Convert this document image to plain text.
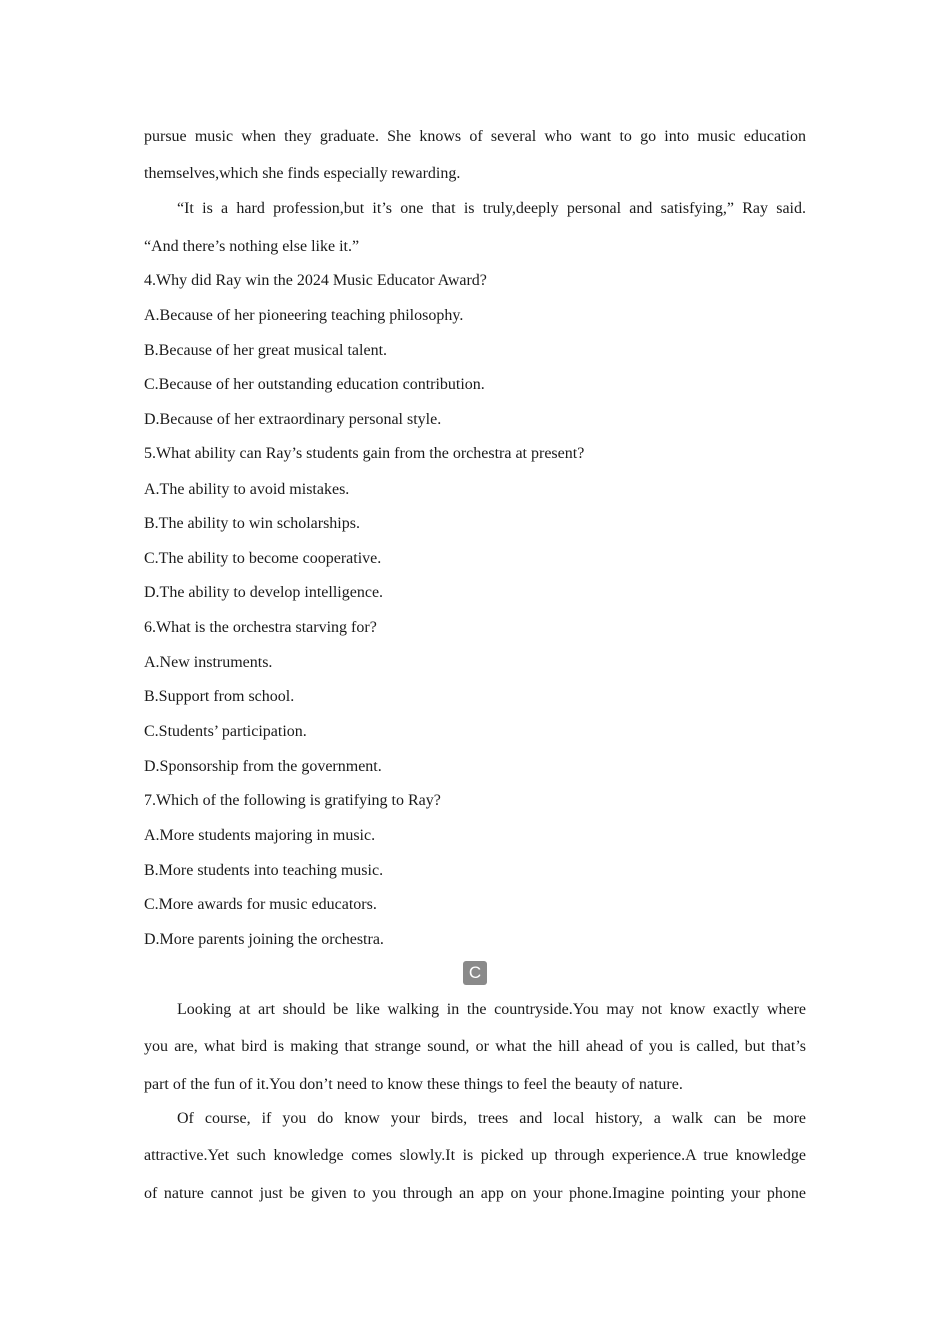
pursue music when they graduate. She knows of several who want to go into music education
themselves,which she finds especially rewarding.
“It is a hard profession,but it’s one that is truly,deeply personal and satisfying,” Ray said.
“And there’s nothing else like it.”
4.Why did Ray win the 2024 Music Educator Award?
A.Because of her pioneering teaching philosophy.
B.Because of her great musical talent.
C.Because of her outstanding education contribution.
D.Because of her extraordinary personal style.
5.What ability can Ray’s students gain from the orchestra at present?
A.The ability to avoid mistakes.
B.The ability to win scholarships.
C.The ability to become cooperative.
D.The ability to develop intelligence.
6.What is the orchestra starving for?
A.New instruments.
B.Support from school.
C.Students’ participation.
D.Sponsorship from the government.
7.Which of the following is gratifying to Ray?
A.More students majoring in music.
B.More students into teaching music.
C.More awards for music educators.
D.More parents joining the orchestra.
C
Looking at art should be like walking in the countryside.You may not know exactly where
you are, what bird is making that strange sound, or what the hill ahead of you is called, but that’s
part of the fun of it.You don’t need to know these things to feel the beauty of nature.
Of course, if you do know your birds, trees and local history, a walk can be more
attractive.Yet such knowledge comes slowly.It is picked up through experience.A true knowledge
of nature cannot just be given to you through an app on your phone.Imagine pointing your phone
